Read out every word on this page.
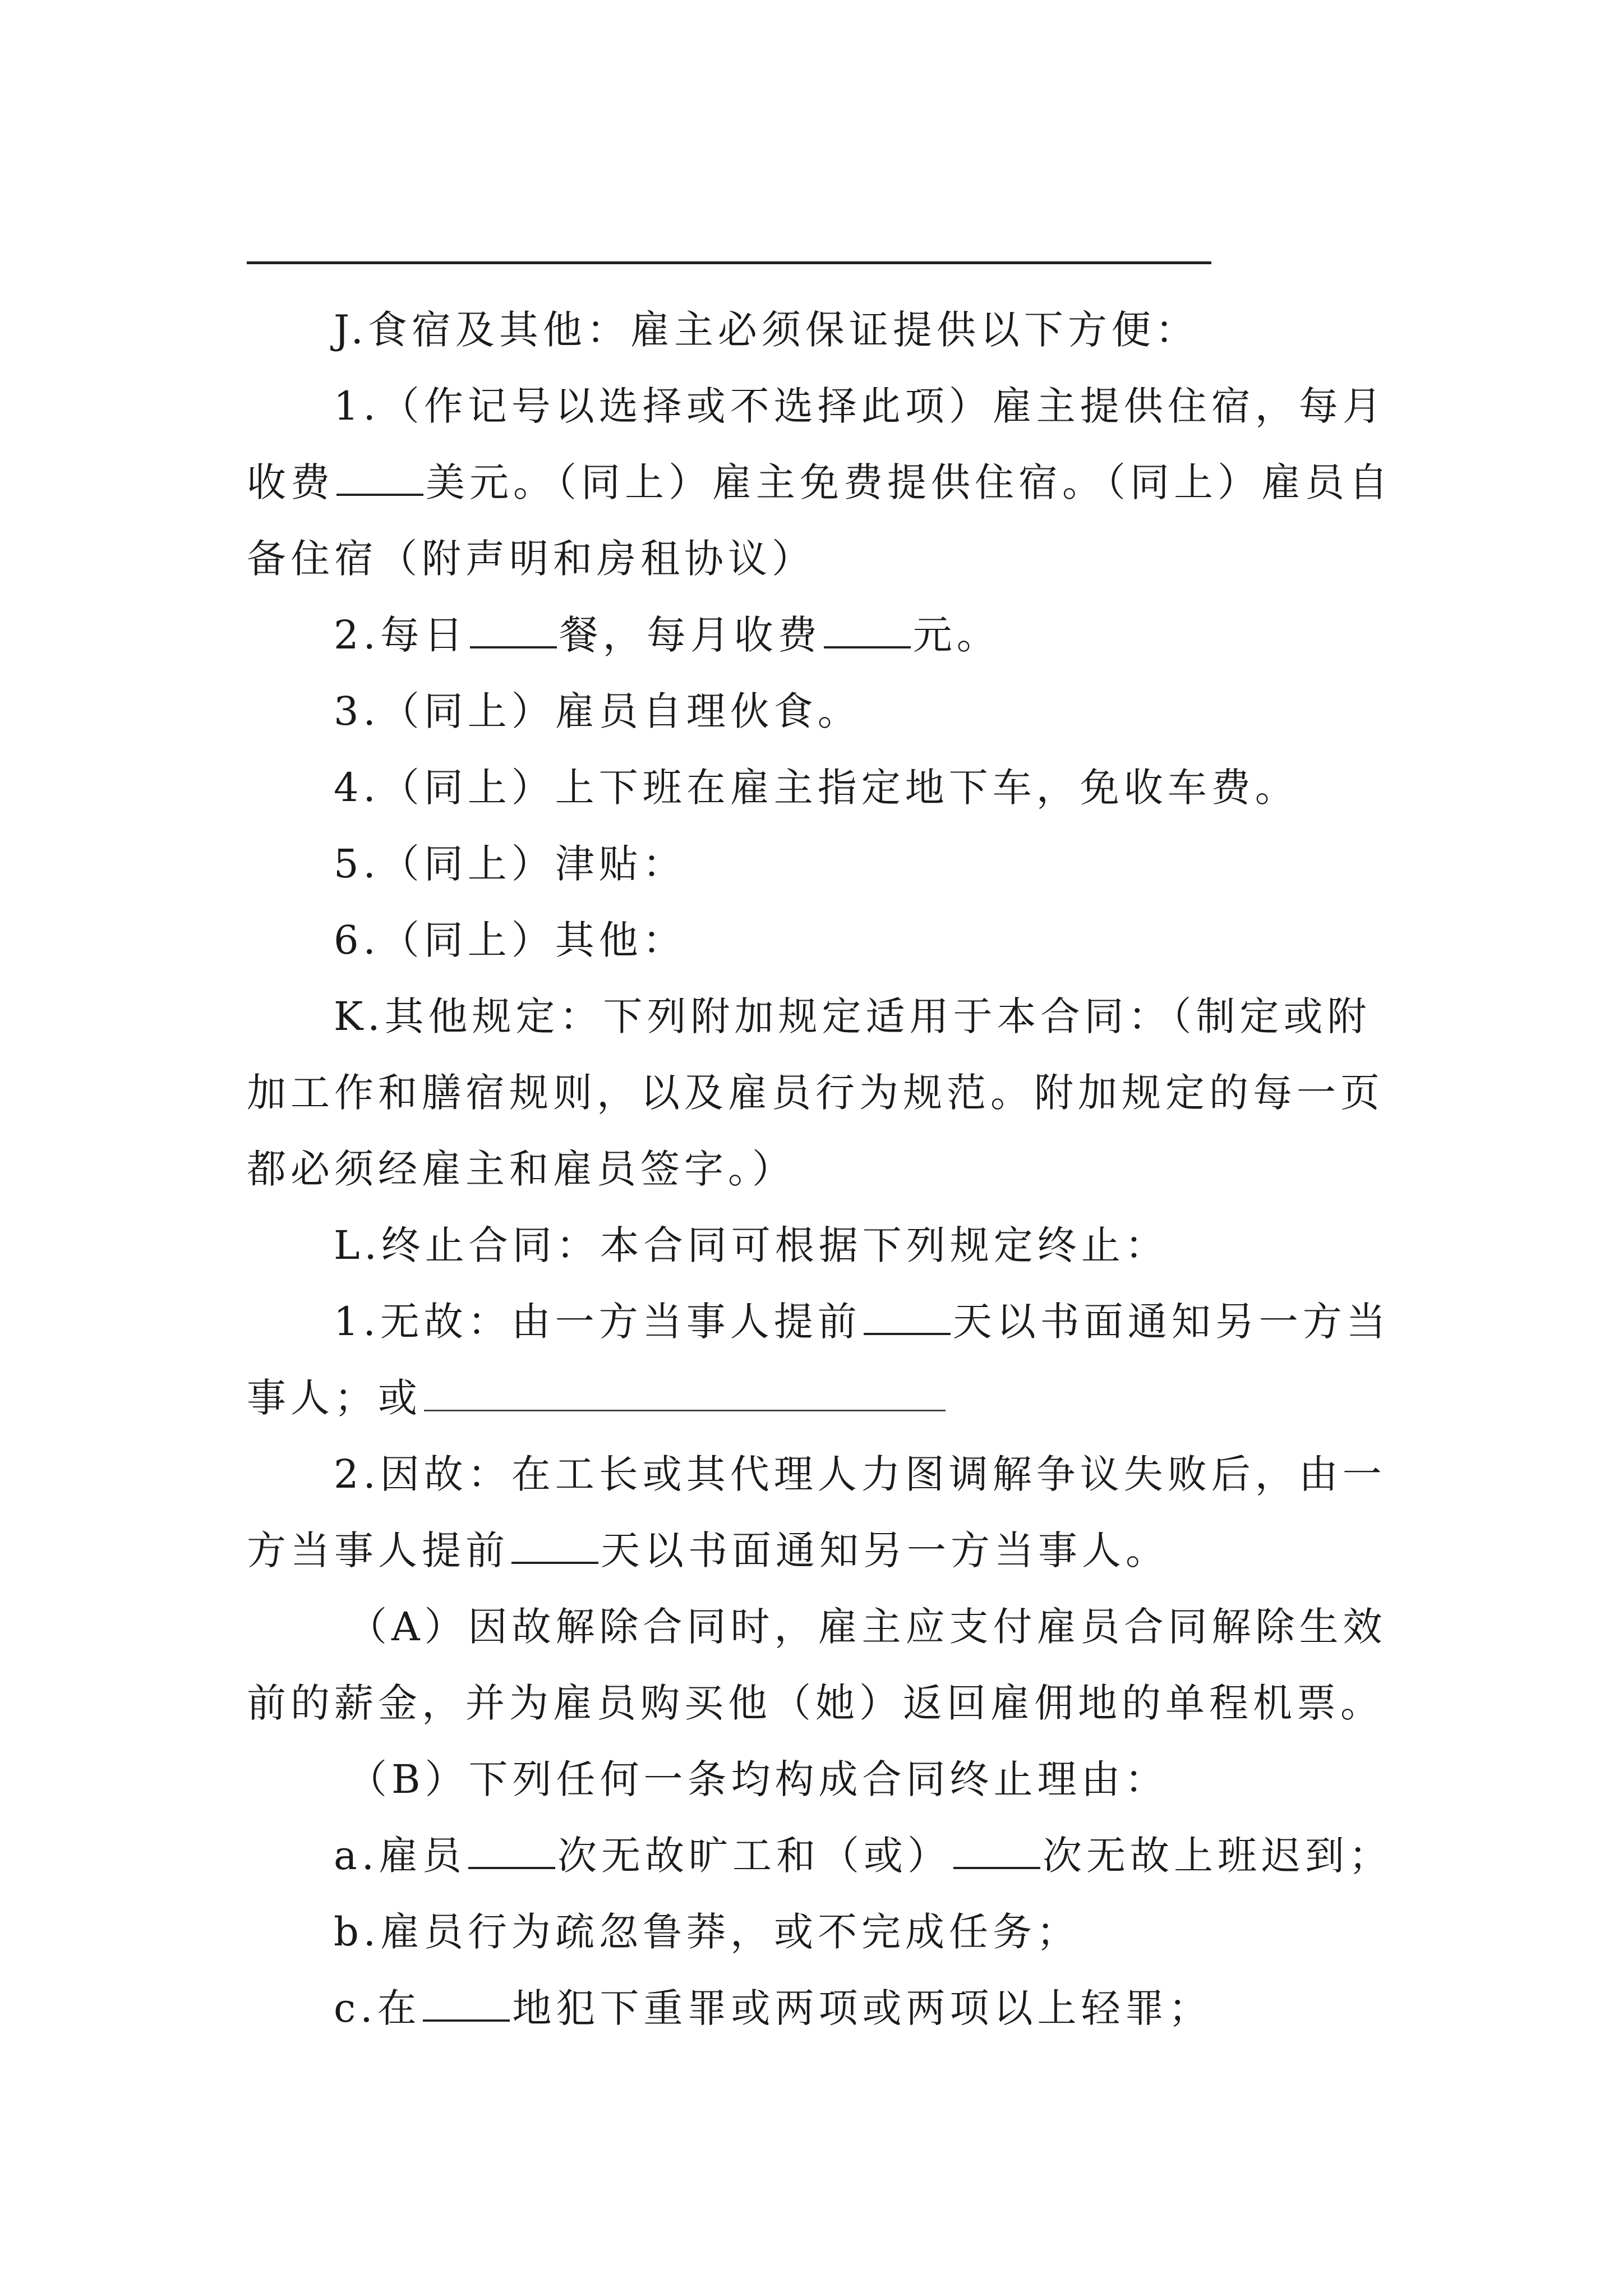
J.食宿及其他：雇主必须保证提供以下方便：
1.（作记号以选择或不选择此项）雇主提供住宿，每月
收费 美元。（同上）雇主免费提供住宿。（同上）雇员自
备住宿（附声明和房租协议）
2.每日 餐，每月收费 元。
3.（同上）雇员自理伙食。
4.（同上）上下班在雇主指定地下车，免收车费。
5.（同上）津贴：
6.（同上）其他：
K.其他规定：下列附加规定适用于本合同：（制定或附
加工作和膳宿规则，以及雇员行为规范。附加规定的每一页
都必须经雇主和雇员签字。）
L.终止合同：本合同可根据下列规定终止：
1.无故：由一方当事人提前 天以书面通知另一方当
事人；或
2.因故：在工长或其代理人力图调解争议失败后，由一
方当事人提前 天以书面通知另一方当事人。
（A）因故解除合同时，雇主应支付雇员合同解除生效
前的薪金，并为雇员购买他（她）返回雇佣地的单程机票。
（B）下列任何一条均构成合同终止理由：
a.雇员 次无故旷工和（或） 次无故上班迟到；
b.雇员行为疏忽鲁莽，或不完成任务；
c.在 地犯下重罪或两项或两项以上轻罪；
